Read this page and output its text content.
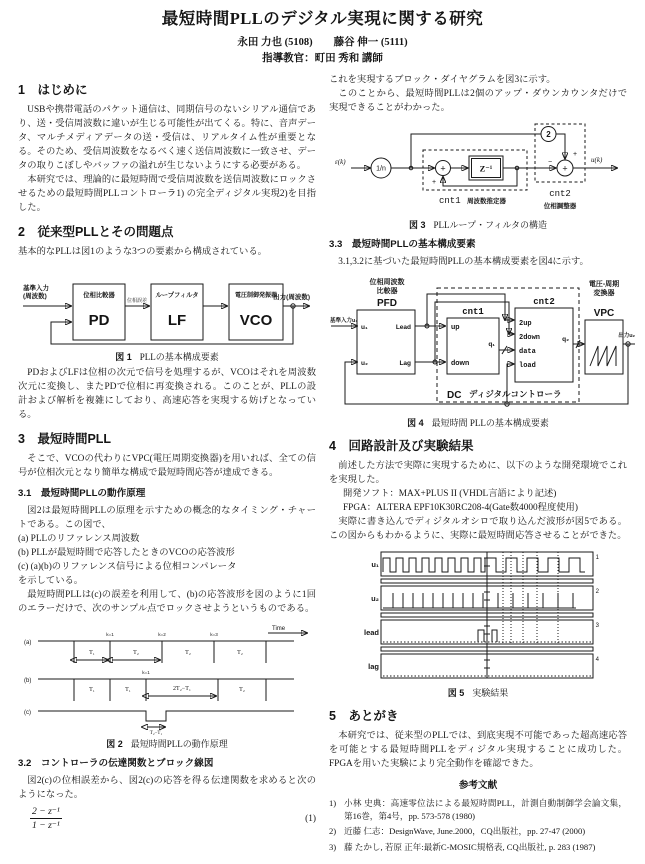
最短時間PLLのデジタル実現に関する研究
永田 力也 (5108)　　藤谷 伸一 (5111)
指導教官：町田 秀和 講師
1　はじめに

USBや携帯電話のパケット通信は、同期信号のないシリアル通信であり、送・受信周波数に違いが生じる可能性が出てくる。特に、音声データ、マルチメディアデータの送・受信は、リアルタイム性が重要となる。そのため、受信周波数をなるべく速く送信周波数に一致させ、データの取りこぼしやバッファの溢れが生じないようにする必要がある。

本研究では、理論的に最短時間で受信周波数を送信周波数にロックさせるための最短時間PLLコントローラ1) の完全ディジタル実現2)を目指した。

2　従来型PLLとその問題点

基本的なPLLは図1のような3つの要素から構成されている。

基準入力
(周波数)	位相比較器
PD
位相誤差
ループフィルタ
LF
電圧制御発振器
VCO
出力(周波数)
図 1 PLLの基本構成要素

PDおよびLFは位相の次元で信号を処理するが、VCOはそれを周波数次元に変換し、またPDで位相に再変換される。このことが、PLLの設計および解析を複雑にしており、高速応答を実現する妨げとなっている。

3　最短時間PLL

そこで、VCOの代わりにVPC(電圧周期変換器)を用いれば、全ての信号が位相次元となり簡単な構成で最短時間応答が達成できる。

3.1　最短時間PLLの動作原理

図2は最短時間PLLの原理を示すための概念的なタイミング・チャートである。この図で、

(a) PLLのリファレンス周波数

(b) PLLが最短時間で応答したときのVCOの応答波形

(c) (a)(b)のリファレンス信号による位相コンパレータ

を示している。

最短時間PLLは(c)の誤差を利用して、(b)の応答波形を図のように1回のエラーだけで、次のサンプル点でロックさせようというものである。

(a)
(b)
(c)
Time
k=1	k=2	k=3
T₁	T₂	T₂	T₂
k=1
T₁	T₁	2T₂−T₁	T₂
T₂−T₁
図 2 最短時間PLLの動作原理
3.2　コントローラの伝達関数とブロック線図

図2(c)の位相誤差から、図2(c)の応答を得る伝達関数を求めると次のようになった。

$\frac{\text{2 − z⁻¹}}{\text{1 − z⁻¹}}$	(1)

これを実現するブロック・ダイヤグラムを図3に示す。

このことから、最短時間PLLは2個のアップ・ダウンカウンタだけで実現できることがわかった。

ε(k)
1/n
2
+	+
+
−
+
Z⁻¹
cnt1 周波数推定器
cnt2
位相調整器
u(k)
図 3 PLLループ・フィルタの構造
3.3　最短時間PLLの基本構成要素

3.1,3.2に基づいた最短時間PLLの基本構成要素を図4に示す。

位相周波数
比較器
PFD
基準入力u₁
u₁	Lead
u₂	Lag
cnt1
up
down
q₁
cnt2
2up
2down
data
load
q₂
電圧-周期
変換器
VPC
出力u₂
DC ディジタルコントローラ
図 4 最短時間 PLLの基本構成要素
4　回路設計及び実験結果

前述した方法で実際に実現するために、以下のような開発環境でこれを実現した。

開発ソフト：MAX+PLUS II (VHDL言語により記述)

FPGA：ALTERA EPF10K30RC208-4(Gate数4000程度使用)

実際に書き込んでディジタルオシロで取り込んだ波形が図5である。この図からもわかるように、実際に最短時間応答させることができた。

u₁
u₂
lead
lag
1
2
3
4
図 5 実験結果
5　あとがき

本研究では、従来型のPLLでは、到底実現不可能であった超高速応答を可能とする最短時間PLLをディジタル実現することに成功した。FPGAを用いた実験により完全動作を確認できた。

参考文献
1) 小林 史典：高速零位法による最短時間PLL，計測自動制御学会論文集，第16巻，第4号，pp. 573-578 (1980)
2) 近藤 仁志：DesignWave, June.2000，CQ出版社，pp. 27-47 (2000)
3) 藤 たかし, 若原 正年:最新C-MOSIC規格表, CQ出版社, p. 283 (1987)
